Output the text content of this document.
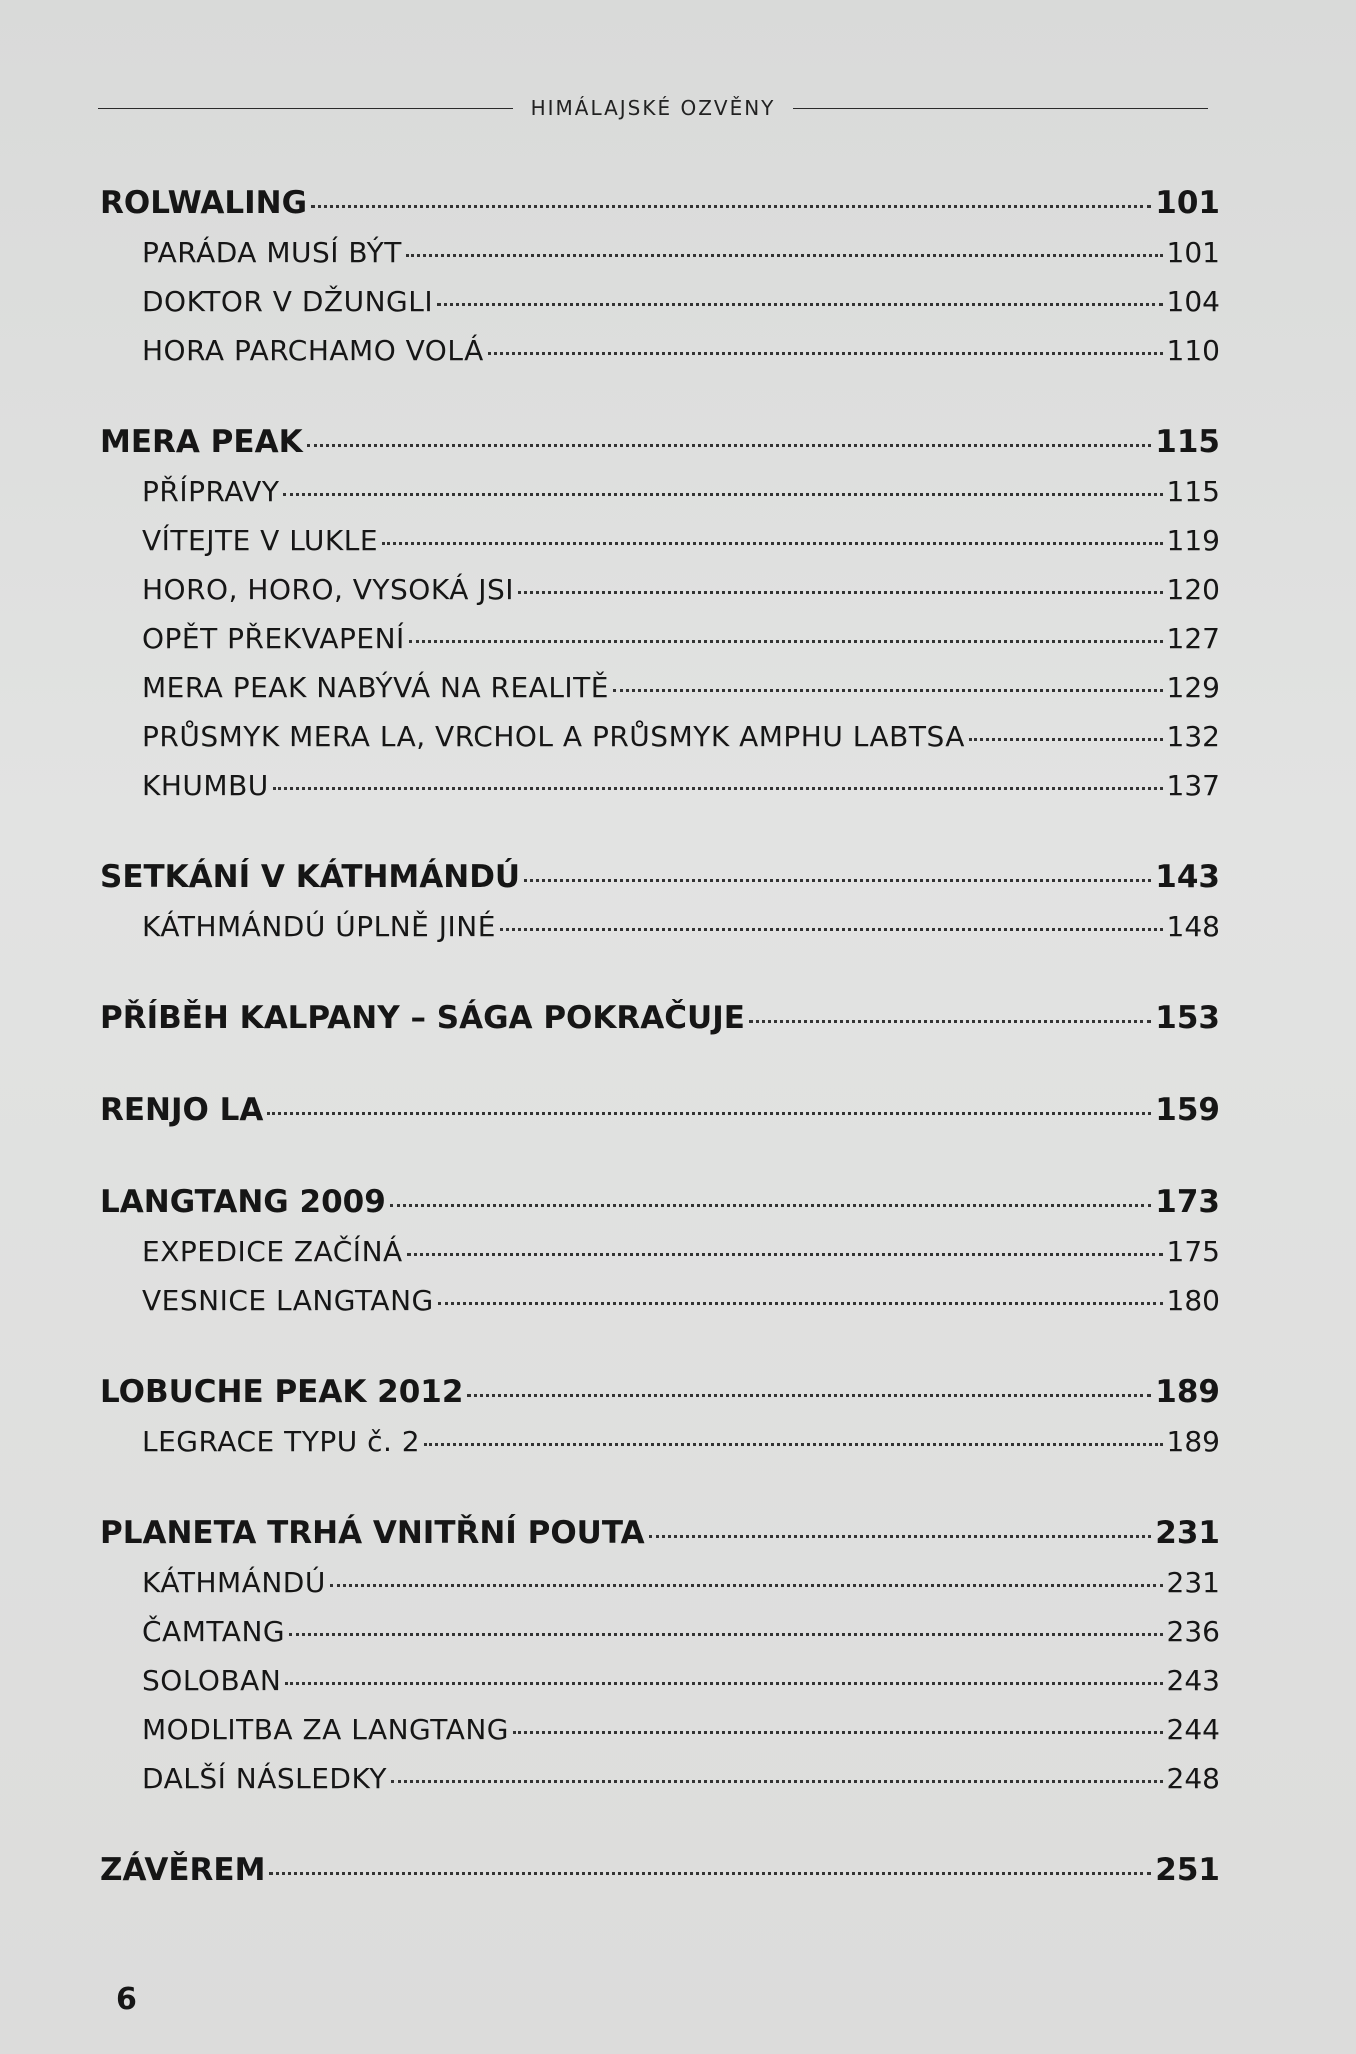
HIMÁLAJSKÉ OZVĚNY
ROLWALING	101
PARÁDA MUSÍ BÝT	101
DOKTOR V DŽUNGLI	104
HORA PARCHAMO VOLÁ	110
MERA PEAK	115
PŘÍPRAVY	115
VÍTEJTE V LUKLE	119
HORO, HORO, VYSOKÁ JSI	120
OPĚT PŘEKVAPENÍ	127
MERA PEAK NABÝVÁ NA REALITĚ	129
PRŮSMYK MERA LA, VRCHOL A PRŮSMYK AMPHU LABTSA	132
KHUMBU	137
SETKÁNÍ V KÁTHMÁNDÚ	143
KÁTHMÁNDÚ ÚPLNĚ JINÉ	148
PŘÍBĚH KALPANY – SÁGA POKRAČUJE	153
RENJO LA	159
LANGTANG 2009	173
EXPEDICE ZAČÍNÁ	175
VESNICE LANGTANG	180
LOBUCHE PEAK 2012	189
LEGRACE TYPU č. 2	189
PLANETA TRHÁ VNITŘNÍ POUTA	231
KÁTHMÁNDÚ	231
ČAMTANG	236
SOLOBAN	243
MODLITBA ZA LANGTANG	244
DALŠÍ NÁSLEDKY	248
ZÁVĚREM	251
6
